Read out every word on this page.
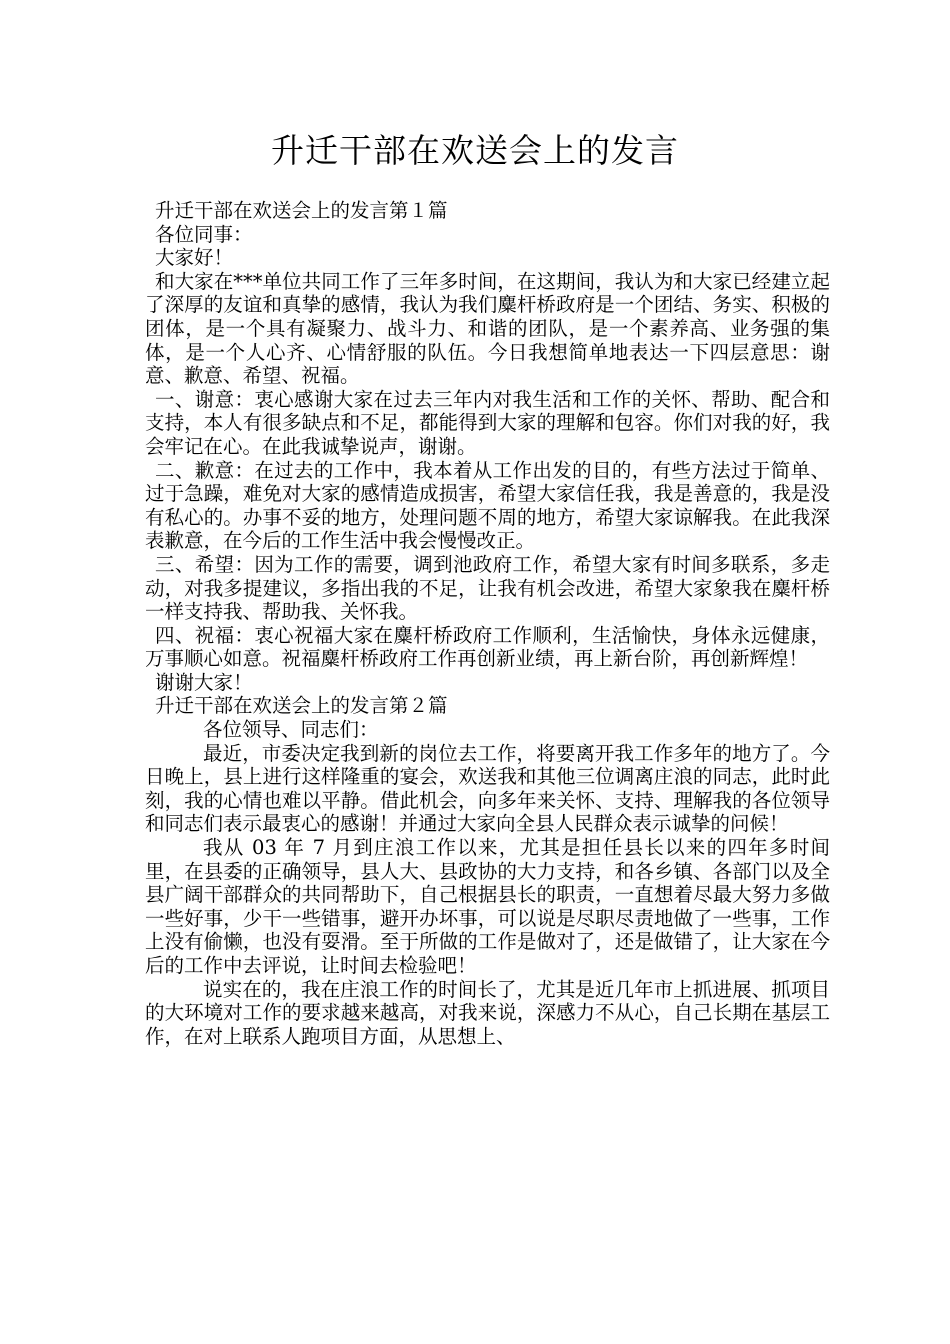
升迁干部在欢送会上的发言

升迁干部在欢送会上的发言第１篇

各位同事：

大家好！

和大家在***单位共同工作了三年多时间，在这期间，我认为和大家已经建立起了深厚的友谊和真挚的感情，我认为我们麋杆桥政府是一个团结、务实、积极的团体，是一个具有凝聚力、战斗力、和谐的团队，是一个素养高、业务强的集体，是一个人心齐、心情舒服的队伍。今日我想简单地表达一下四层意思：谢意、歉意、希望、祝福。

一、谢意：衷心感谢大家在过去三年内对我生活和工作的关怀、帮助、配合和支持，本人有很多缺点和不足，都能得到大家的理解和包容。你们对我的好，我会牢记在心。在此我诚挚说声，谢谢。

二、歉意：在过去的工作中，我本着从工作出发的目的，有些方法过于简单、过于急躁，难免对大家的感情造成损害，希望大家信任我，我是善意的，我是没有私心的。办事不妥的地方，处理问题不周的地方，希望大家谅解我。在此我深表歉意，在今后的工作生活中我会慢慢改正。

三、希望：因为工作的需要，调到池政府工作，希望大家有时间多联系，多走动，对我多提建议，多指出我的不足，让我有机会改进，希望大家象我在麋杆桥一样支持我、帮助我、关怀我。

四、祝福：衷心祝福大家在麋杆桥政府工作顺利，生活愉快，身体永远健康，万事顺心如意。祝福麋杆桥政府工作再创新业绩，再上新台阶，再创新辉煌！

谢谢大家！

升迁干部在欢送会上的发言第２篇

各位领导、同志们：

最近，市委决定我到新的岗位去工作，将要离开我工作多年的地方了。今日晚上，县上进行这样隆重的宴会，欢送我和其他三位调离庄浪的同志，此时此刻，我的心情也难以平静。借此机会，向多年来关怀、支持、理解我的各位领导和同志们表示最衷心的感谢！并通过大家向全县人民群众表示诚挚的问候！

我从 03 年 7 月到庄浪工作以来，尤其是担任县长以来的四年多时间里，在县委的正确领导，县人大、县政协的大力支持，和各乡镇、各部门以及全县广阔干部群众的共同帮助下，自己根据县长的职责，一直想着尽最大努力多做一些好事，少干一些错事，避开办坏事，可以说是尽职尽责地做了一些事，工作上没有偷懒，也没有耍滑。至于所做的工作是做对了，还是做错了，让大家在今后的工作中去评说，让时间去检验吧！

说实在的，我在庄浪工作的时间长了，尤其是近几年市上抓进展、抓项目的大环境对工作的要求越来越高，对我来说，深感力不从心，自己长期在基层工作，在对上联系人跑项目方面，从思想上、
